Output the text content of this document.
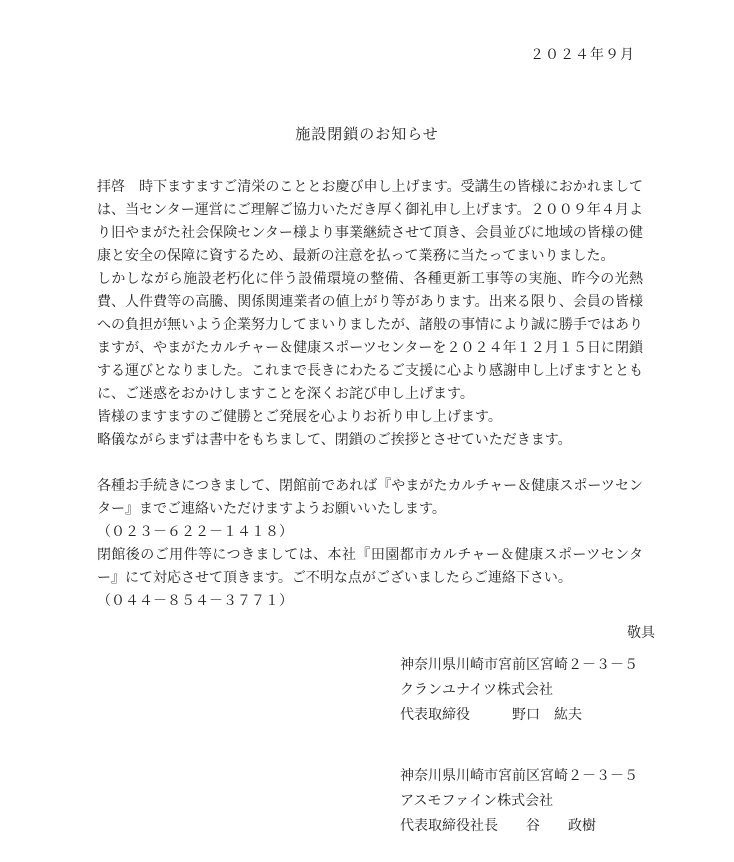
２０２４年９月
施設閉鎖のお知らせ

拝啓　時下ますますご清栄のこととお慶び申し上げます。受講生の皆様におかれましては、当センター運営にご理解ご協力いただき厚く御礼申し上げます。２００９年４月より旧やまがた社会保険センター様より事業継続させて頂き、会員並びに地域の皆様の健康と安全の保障に資するため、最新の注意を払って業務に当たってまいりました。

しかしながら施設老朽化に伴う設備環境の整備、各種更新工事等の実施、昨今の光熱費、人件費等の高騰、関係関連業者の値上がり等があります。出来る限り、会員の皆様への負担が無いよう企業努力してまいりましたが、諸般の事情により誠に勝手ではありますが、やまがたカルチャー＆健康スポーツセンターを２０２４年１２月１５日に閉鎖する運びとなりました。これまで長きにわたるご支援に心より感謝申し上げますとともに、ご迷惑をおかけしますことを深くお詫び申し上げます。

皆様のますますのご健勝とご発展を心よりお祈り申し上げます。

略儀ながらまずは書中をもちまして、閉鎖のご挨拶とさせていただきます。

各種お手続きにつきまして、閉館前であれば『やまがたカルチャー＆健康スポーツセンター』までご連絡いただけますようお願いいたします。

（０２３－６２２－１４１８）

閉館後のご用件等につきましては、本社『田園都市カルチャー＆健康スポーツセンター』にて対応させて頂きます。ご不明な点がございましたらご連絡下さい。

（０４４－８５４－３７７１）

敬具
神奈川県川崎市宮前区宮崎２－３－５
クランユナイツ株式会社
代表取締役　　　野口　紘夫
神奈川県川崎市宮前区宮崎２－３－５
アスモファイン株式会社
代表取締役社長　　谷　　政樹
